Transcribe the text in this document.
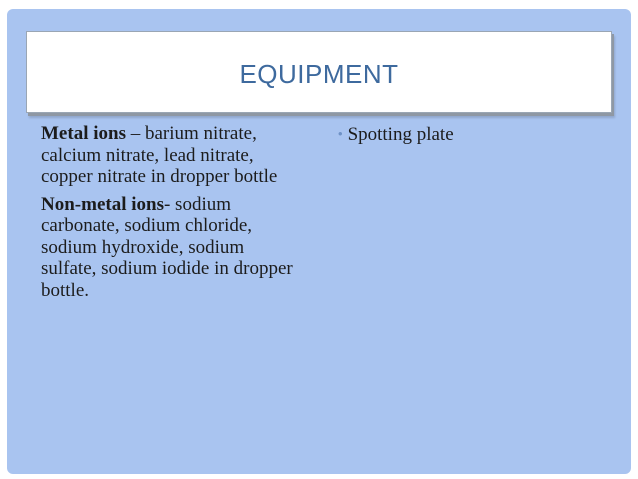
EQUIPMENT

Metal ions – barium nitrate, calcium nitrate, lead nitrate, copper nitrate in dropper bottle

Non-metal ions- sodium carbonate, sodium chloride, sodium hydroxide, sodium sulfate, sodium iodide in dropper bottle.

• Spotting plate
